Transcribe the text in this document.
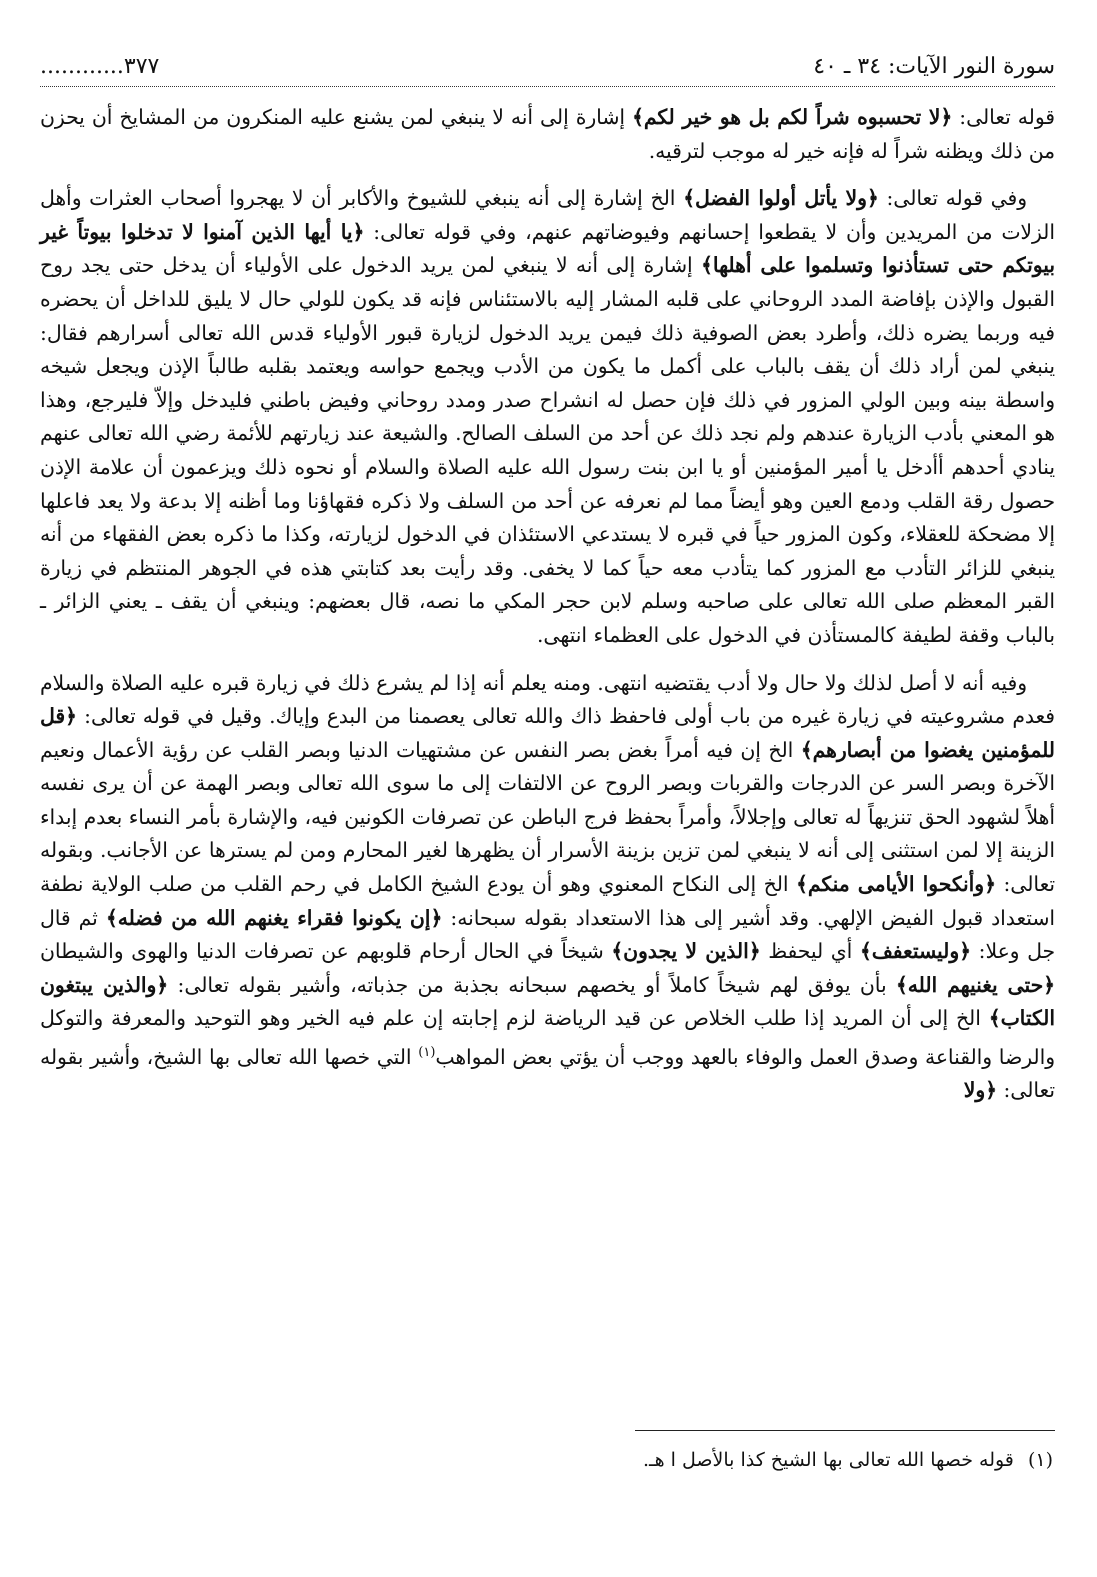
سورة النور الآيات: ٣٤ ـ ٤٠
٣٧٧............

قوله تعالى: ﴿لا تحسبوه شراً لكم بل هو خير لكم﴾ إشارة إلى أنه لا ينبغي لمن يشنع عليه المنكرون من المشايخ أن يحزن من ذلك ويظنه شراً له فإنه خير له موجب لترقيه.

وفي قوله تعالى: ﴿ولا يأتل أولوا الفضل﴾ الخ إشارة إلى أنه ينبغي للشيوخ والأكابر أن لا يهجروا أصحاب العثرات وأهل الزلات من المريدين وأن لا يقطعوا إحسانهم وفيوضاتهم عنهم، وفي قوله تعالى: ﴿يا أيها الذين آمنوا لا تدخلوا بيوتاً غير بيوتكم حتى تستأذنوا وتسلموا على أهلها﴾ إشارة إلى أنه لا ينبغي لمن يريد الدخول على الأولياء أن يدخل حتى يجد روح القبول والإذن بإفاضة المدد الروحاني على قلبه المشار إليه بالاستئناس فإنه قد يكون للولي حال لا يليق للداخل أن يحضره فيه وربما يضره ذلك، وأطرد بعض الصوفية ذلك فيمن يريد الدخول لزيارة قبور الأولياء قدس الله تعالى أسرارهم فقال: ينبغي لمن أراد ذلك أن يقف بالباب على أكمل ما يكون من الأدب ويجمع حواسه ويعتمد بقلبه طالباً الإذن ويجعل شيخه واسطة بينه وبين الولي المزور في ذلك فإن حصل له انشراح صدر ومدد روحاني وفيض باطني فليدخل وإلاّ فليرجع، وهذا هو المعني بأدب الزيارة عندهم ولم نجد ذلك عن أحد من السلف الصالح. والشيعة عند زيارتهم للأئمة رضي الله تعالى عنهم ينادي أحدهم أأدخل يا أمير المؤمنين أو يا ابن بنت رسول الله عليه الصلاة والسلام أو نحوه ذلك ويزعمون أن علامة الإذن حصول رقة القلب ودمع العين وهو أيضاً مما لم نعرفه عن أحد من السلف ولا ذكره فقهاؤنا وما أظنه إلا بدعة ولا يعد فاعلها إلا مضحكة للعقلاء، وكون المزور حياً في قبره لا يستدعي الاستئذان في الدخول لزيارته، وكذا ما ذكره بعض الفقهاء من أنه ينبغي للزائر التأدب مع المزور كما يتأدب معه حياً كما لا يخفى. وقد رأيت بعد كتابتي هذه في الجوهر المنتظم في زيارة القبر المعظم صلى الله تعالى على صاحبه وسلم لابن حجر المكي ما نصه، قال بعضهم: وينبغي أن يقف ـ يعني الزائر ـ بالباب وقفة لطيفة كالمستأذن في الدخول على العظماء انتهى.

وفيه أنه لا أصل لذلك ولا حال ولا أدب يقتضيه انتهى. ومنه يعلم أنه إذا لم يشرع ذلك في زيارة قبره عليه الصلاة والسلام فعدم مشروعيته في زيارة غيره من باب أولى فاحفظ ذاك والله تعالى يعصمنا من البدع وإياك. وقيل في قوله تعالى: ﴿قل للمؤمنين يغضوا من أبصارهم﴾ الخ إن فيه أمراً بغض بصر النفس عن مشتهيات الدنيا وبصر القلب عن رؤية الأعمال ونعيم الآخرة وبصر السر عن الدرجات والقربات وبصر الروح عن الالتفات إلى ما سوى الله تعالى وبصر الهمة عن أن يرى نفسه أهلاً لشهود الحق تنزيهاً له تعالى وإجلالاً، وأمراً بحفظ فرج الباطن عن تصرفات الكونين فيه، والإشارة بأمر النساء بعدم إبداء الزينة إلا لمن استثنى إلى أنه لا ينبغي لمن تزين بزينة الأسرار أن يظهرها لغير المحارم ومن لم يسترها عن الأجانب. وبقوله تعالى: ﴿وأنكحوا الأيامى منكم﴾ الخ إلى النكاح المعنوي وهو أن يودع الشيخ الكامل في رحم القلب من صلب الولاية نطفة استعداد قبول الفيض الإلهي. وقد أشير إلى هذا الاستعداد بقوله سبحانه: ﴿إن يكونوا فقراء يغنهم الله من فضله﴾ ثم قال جل وعلا: ﴿وليستعفف﴾ أي ليحفظ ﴿الذين لا يجدون﴾ شيخاً في الحال أرحام قلوبهم عن تصرفات الدنيا والهوى والشيطان ﴿حتى يغنيهم الله﴾ بأن يوفق لهم شيخاً كاملاً أو يخصهم سبحانه بجذبة من جذباته، وأشير بقوله تعالى: ﴿والذين يبتغون الكتاب﴾ الخ إلى أن المريد إذا طلب الخلاص عن قيد الرياضة لزم إجابته إن علم فيه الخير وهو التوحيد والمعرفة والتوكل والرضا والقناعة وصدق العمل والوفاء بالعهد ووجب أن يؤتي بعض المواهب$^{(١)}$ التي خصها الله تعالى بها الشيخ، وأشير بقوله تعالى: ﴿ولا

(١) قوله خصها الله تعالى بها الشيخ كذا بالأصل ا هـ.
